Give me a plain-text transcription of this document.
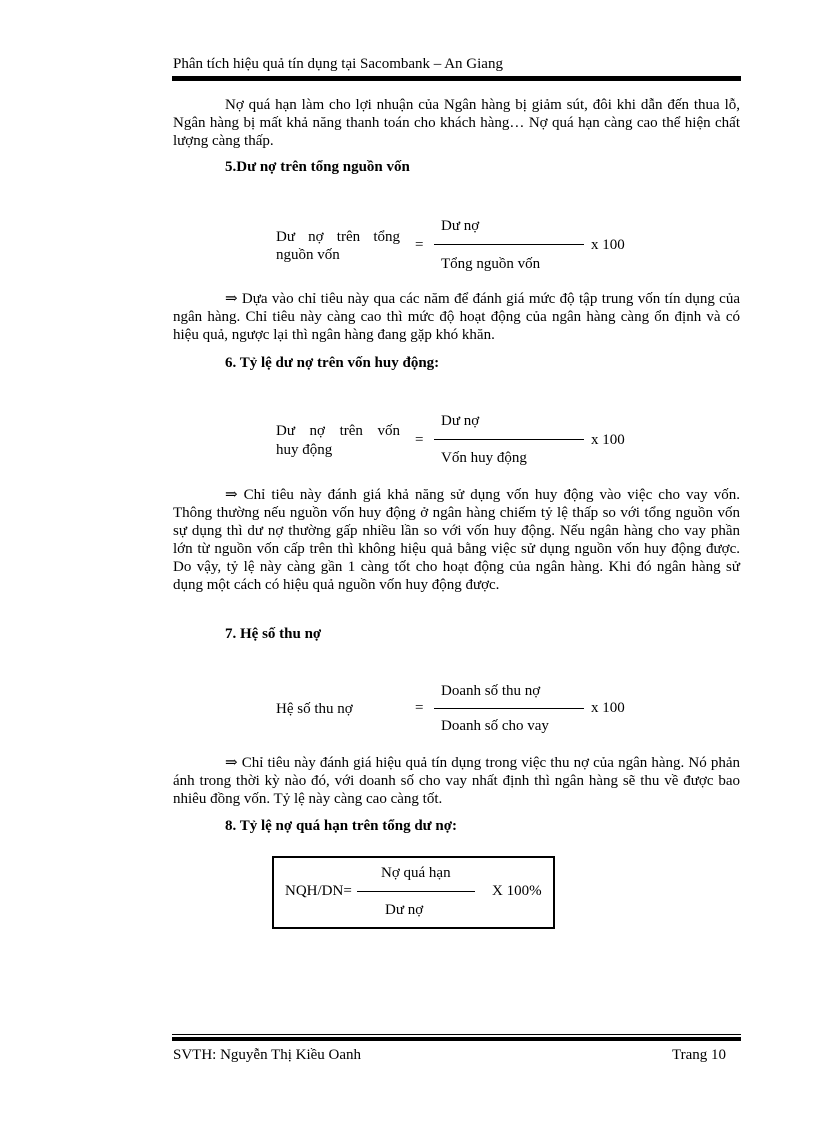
Phân tích hiệu quả tín dụng tại Sacombank – An Giang
Nợ quá hạn làm cho lợi nhuận của Ngân hàng bị giảm sút, đôi khi dẫn đến thua lỗ, Ngân hàng bị mất khả năng thanh toán cho khách hàng… Nợ quá hạn càng cao thể hiện chất lượng càng thấp.
5.Dư nợ trên tổng nguồn vốn
Dư nợ trên tổng
nguồn vốn
=
Dư nợ
Tổng nguồn vốn
x 100
⇒ Dựa vào chỉ tiêu này qua các năm để đánh giá mức độ tập trung vốn tín dụng của ngân hàng. Chỉ tiêu này càng cao thì mức độ hoạt động của ngân hàng càng ổn định và có hiệu quả, ngược lại thì ngân hàng đang gặp khó khăn.
6. Tỷ lệ dư nợ trên vốn huy động:
Dư nợ trên vốn
huy động
=
Dư nợ
Vốn huy động
x 100
⇒ Chỉ tiêu này đánh giá khả năng sử dụng vốn huy động vào việc cho vay vốn. Thông thường nếu nguồn vốn huy động ở ngân hàng chiếm tỷ lệ thấp so với tổng nguồn vốn sự dụng thì dư nợ thường gấp nhiều lần so với vốn huy động. Nếu ngân hàng cho vay phần lớn từ nguồn vốn cấp trên thì không hiệu quả bằng việc sử dụng nguồn vốn huy động được. Do vậy, tỷ lệ này càng gần 1 càng tốt cho hoạt động của ngân hàng. Khi đó ngân hàng sử dụng một cách có hiệu quả nguồn vốn huy động được.
7. Hệ số thu nợ
Hệ số thu nợ	=
Doanh số thu nợ
Doanh số cho vay
x 100
⇒ Chỉ tiêu này đánh giá hiệu quả tín dụng trong việc thu nợ của ngân hàng. Nó phản ánh trong thời kỳ nào đó, với doanh số cho vay nhất định thì ngân hàng sẽ thu về được bao nhiêu đồng vốn. Tỷ lệ này càng cao càng tốt.
8. Tỷ lệ nợ quá hạn trên tổng dư nợ:
Nợ quá hạn
NQH/DN=
Dư nợ
X 100%
SVTH: Nguyễn Thị Kiều Oanh	Trang 10
